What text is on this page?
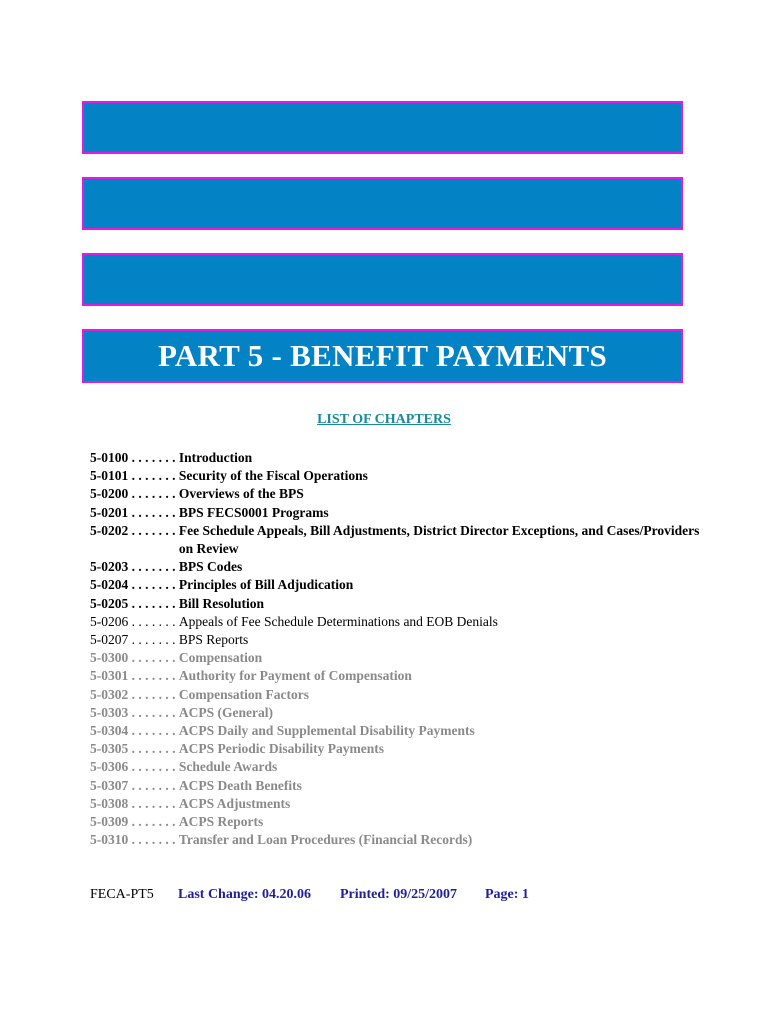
PART 5 - BENEFIT PAYMENTS

LIST OF CHAPTERS

5-0100 . . . . . . . Introduction
5-0101 . . . . . . . Security of the Fiscal Operations
5-0200 . . . . . . . Overviews of the BPS
5-0201 . . . . . . . BPS FECS0001 Programs
5-0202 . . . . . . . Fee Schedule Appeals, Bill Adjustments, District Director Exceptions, and Cases/Providers on Review
5-0203 . . . . . . . BPS Codes
5-0204 . . . . . . . Principles of Bill Adjudication
5-0205 . . . . . . . Bill Resolution
5-0206 . . . . . . . Appeals of Fee Schedule Determinations and EOB Denials
5-0207 . . . . . . . BPS Reports
5-0300 . . . . . . . Compensation
5-0301 . . . . . . . Authority for Payment of Compensation
5-0302 . . . . . . . Compensation Factors
5-0303 . . . . . . . ACPS (General)
5-0304 . . . . . . . ACPS Daily and Supplemental Disability Payments
5-0305 . . . . . . . ACPS Periodic Disability Payments
5-0306 . . . . . . . Schedule Awards
5-0307 . . . . . . . ACPS Death Benefits
5-0308 . . . . . . . ACPS Adjustments
5-0309 . . . . . . . ACPS Reports
5-0310 . . . . . . . Transfer and Loan Procedures (Financial Records)
FECA-PT5	Last Change: 04.20.06	Printed: 09/25/2007	Page: 1
